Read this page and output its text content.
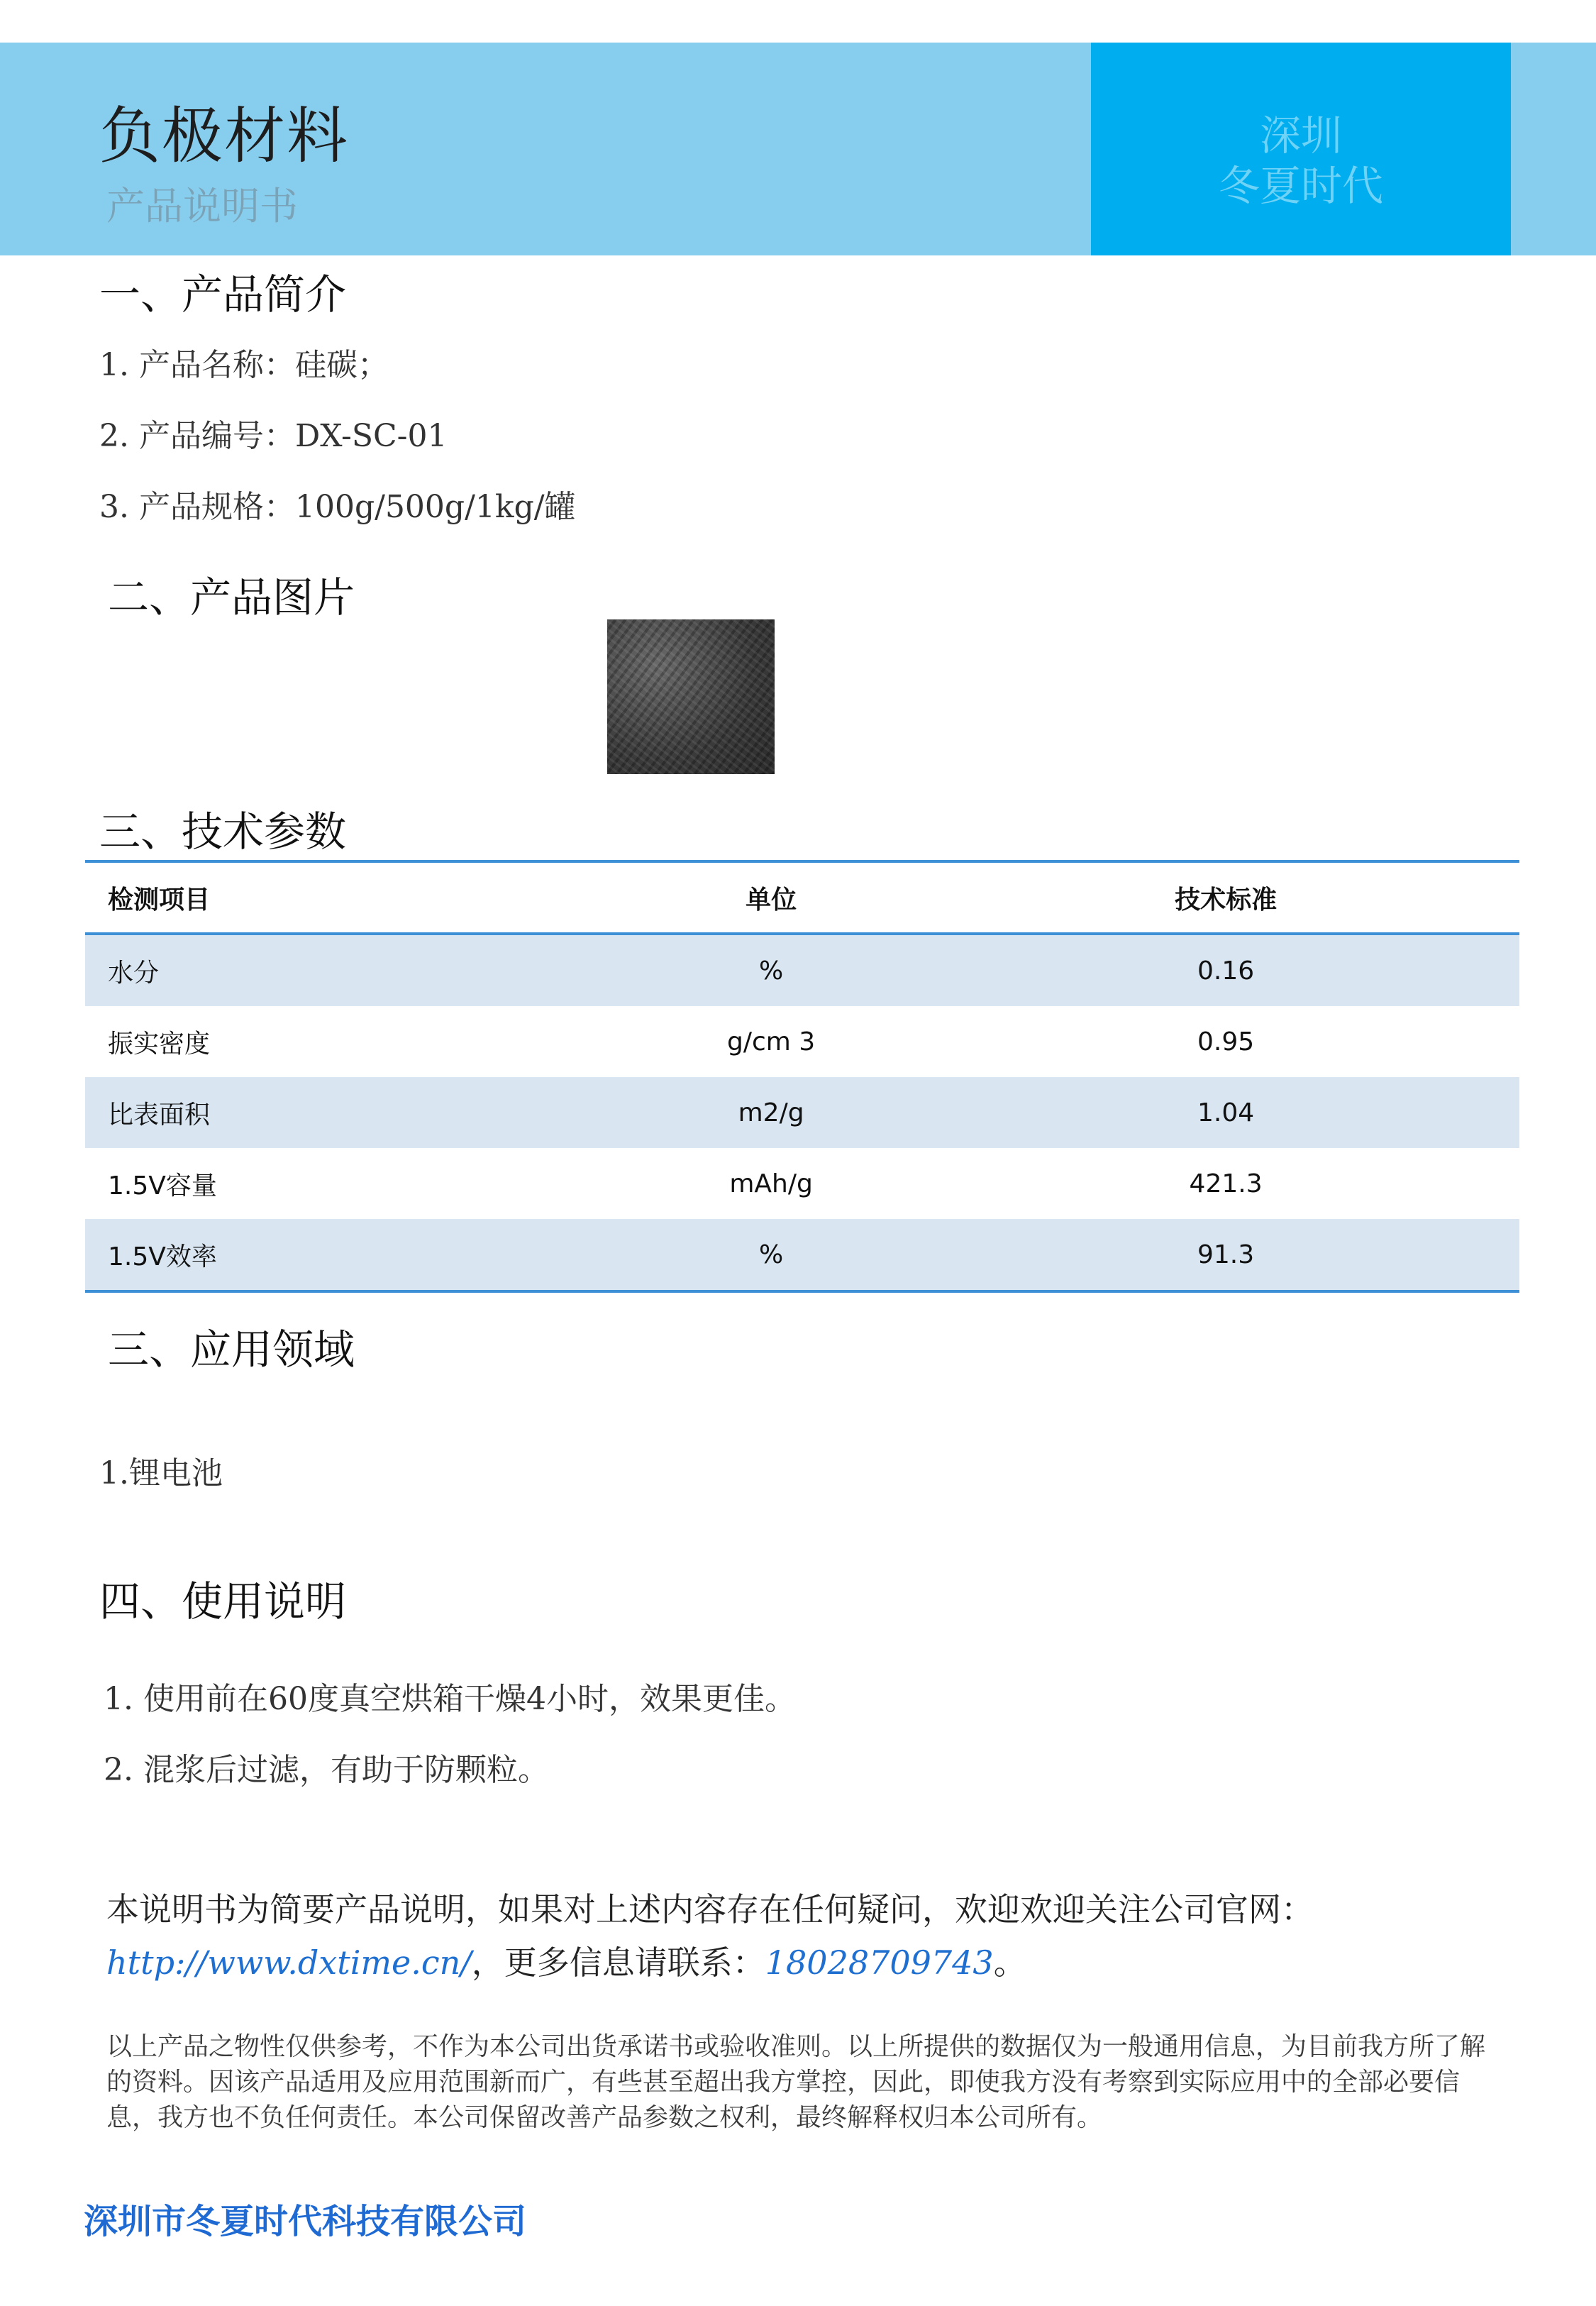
负极材料
产品说明书
深圳
冬夏时代
一、产品简介
1. 产品名称：硅碳；
2. 产品编号：DX-SC-01
3. 产品规格：100g/500g/1kg/罐
二、产品图片
三、技术参数
检测项目	单位	技术标准
水分	%	0.16
振实密度	g/cm 3	0.95
比表面积	m2/g	1.04
1.5V容量	mAh/g	421.3
1.5V效率	%	91.3
三、应用领域
1.锂电池
四、使用说明
1. 使用前在60度真空烘箱干燥4小时，效果更佳。
2. 混浆后过滤，有助于防颗粒。
本说明书为简要产品说明，如果对上述内容存在任何疑问，欢迎欢迎关注公司官网：
http://www.dxtime.cn/，更多信息请联系：18028709743。
以上产品之物性仅供参考，不作为本公司出货承诺书或验收准则。以上所提供的数据仅为一般通用信息，为目前我方所了解的资料。因该产品适用及应用范围新而广，有些甚至超出我方掌控，因此，即使我方没有考察到实际应用中的全部必要信息，我方也不负任何责任。本公司保留改善产品参数之权利，最终解释权归本公司所有。
深圳市冬夏时代科技有限公司
